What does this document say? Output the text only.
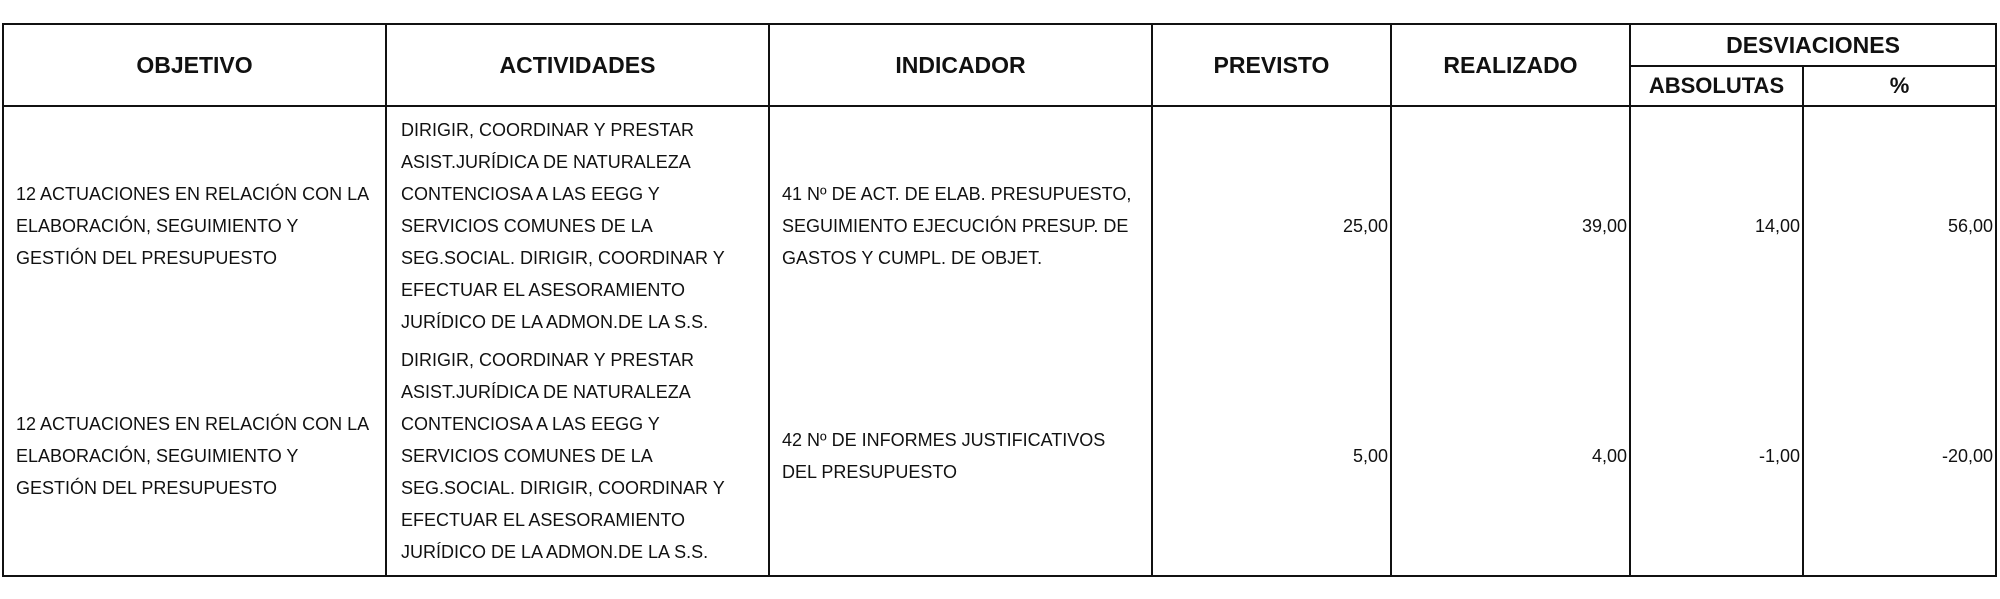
OBJETIVO	ACTIVIDADES	INDICADOR	PREVISTO	REALIZADO	DESVIACIONES	
					ABSOLUTAS	%

12 ACTUACIONES EN RELACIÓN CON LA ELABORACIÓN, SEGUIMIENTO Y GESTIÓN DEL PRESUPUESTO	DIRIGIR, COORDINAR Y PRESTAR ASIST.JURÍDICA DE NATURALEZA CONTENCIOSA A LAS EEGG Y SERVICIOS COMUNES DE LA SEG.SOCIAL. DIRIGIR, COORDINAR Y EFECTUAR EL ASESORAMIENTO JURÍDICO DE LA ADMON.DE LA S.S.	41 Nº DE ACT. DE ELAB. PRESUPUESTO, SEGUIMIENTO EJECUCIÓN PRESUP. DE GASTOS Y CUMPL. DE OBJET.	25,00	39,00	14,00	56,00

12 ACTUACIONES EN RELACIÓN CON LA ELABORACIÓN, SEGUIMIENTO Y GESTIÓN DEL PRESUPUESTO	DIRIGIR, COORDINAR Y PRESTAR ASIST.JURÍDICA DE NATURALEZA CONTENCIOSA A LAS EEGG Y SERVICIOS COMUNES DE LA SEG.SOCIAL. DIRIGIR, COORDINAR Y EFECTUAR EL ASESORAMIENTO JURÍDICO DE LA ADMON.DE LA S.S.	42 Nº DE INFORMES JUSTIFICATIVOS DEL PRESUPUESTO	5,00	4,00	-1,00	-20,00
